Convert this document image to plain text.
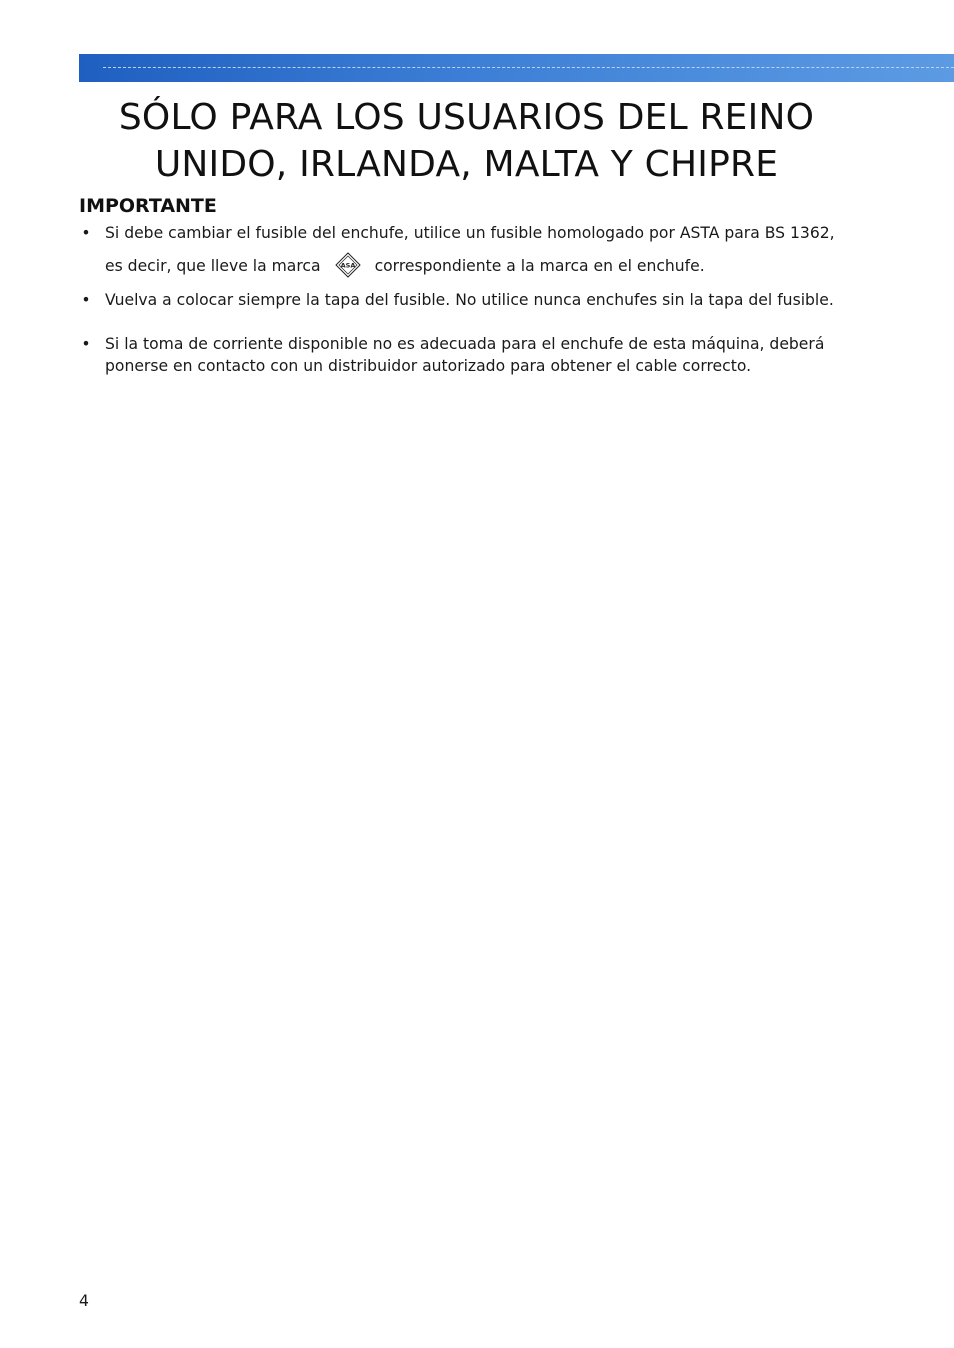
SÓLO PARA LOS USUARIOS DEL REINO
UNIDO, IRLANDA, MALTA Y CHIPRE
IMPORTANTE
• Si debe cambiar el fusible del enchufe, utilice un fusible homologado por ASTA para BS 1362,
es decir, que lleve la marca	ASA correspondiente a la marca en el enchufe.
• Vuelva a colocar siempre la tapa del fusible. No utilice nunca enchufes sin la tapa del fusible.
• Si la toma de corriente disponible no es adecuada para el enchufe de esta máquina, deberá ponerse en contacto con un distribuidor autorizado para obtener el cable correcto.
4
